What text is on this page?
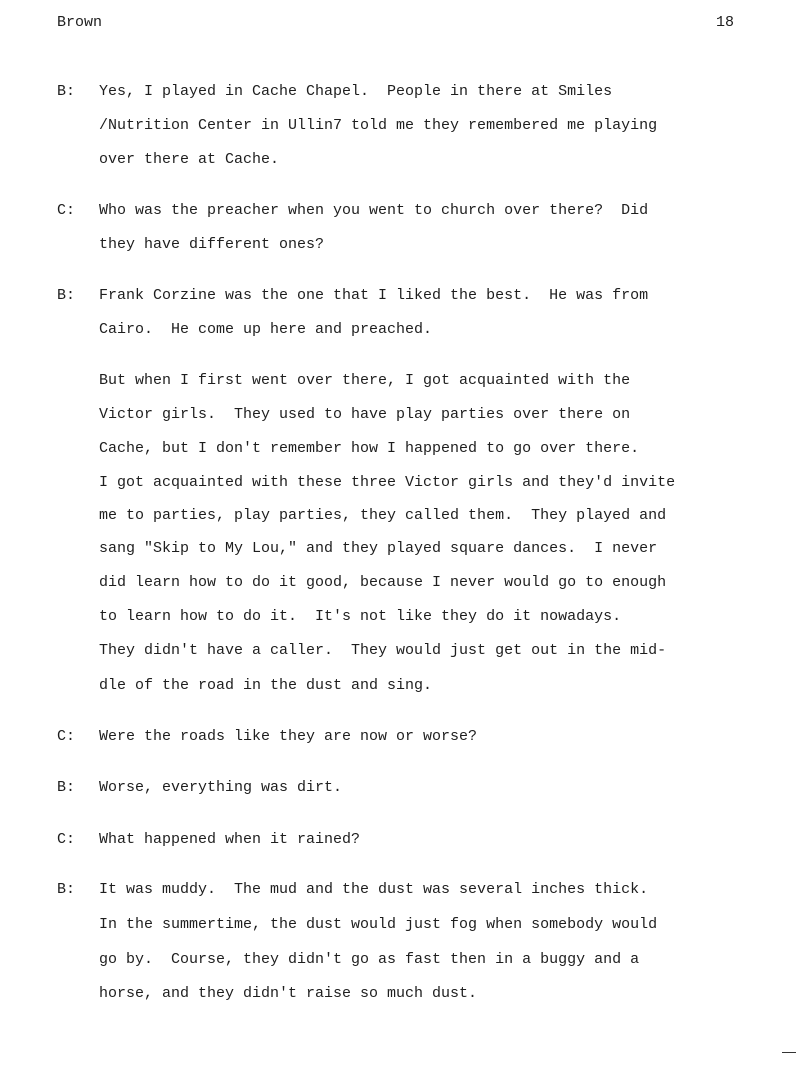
Brown	18
B: Yes, I played in Cache Chapel.  People in there at Smiles
/Nutrition Center in Ullin7 told me they remembered me playing
over there at Cache.
C: Who was the preacher when you went to church over there?  Did
they have different ones?
B: Frank Corzine was the one that I liked the best.  He was from
Cairo.  He come up here and preached.
But when I first went over there, I got acquainted with the
Victor girls.  They used to have play parties over there on
Cache, but I don't remember how I happened to go over there.
I got acquainted with these three Victor girls and they'd invite
me to parties, play parties, they called them.  They played and
sang "Skip to My Lou," and they played square dances.  I never
did learn how to do it good, because I never would go to enough
to learn how to do it.  It's not like they do it nowadays.
They didn't have a caller.  They would just get out in the mid-
dle of the road in the dust and sing.
C: Were the roads like they are now or worse?
B: Worse, everything was dirt.
C: What happened when it rained?
B: It was muddy.  The mud and the dust was several inches thick.
In the summertime, the dust would just fog when somebody would
go by.  Course, they didn't go as fast then in a buggy and a
horse, and they didn't raise so much dust.
